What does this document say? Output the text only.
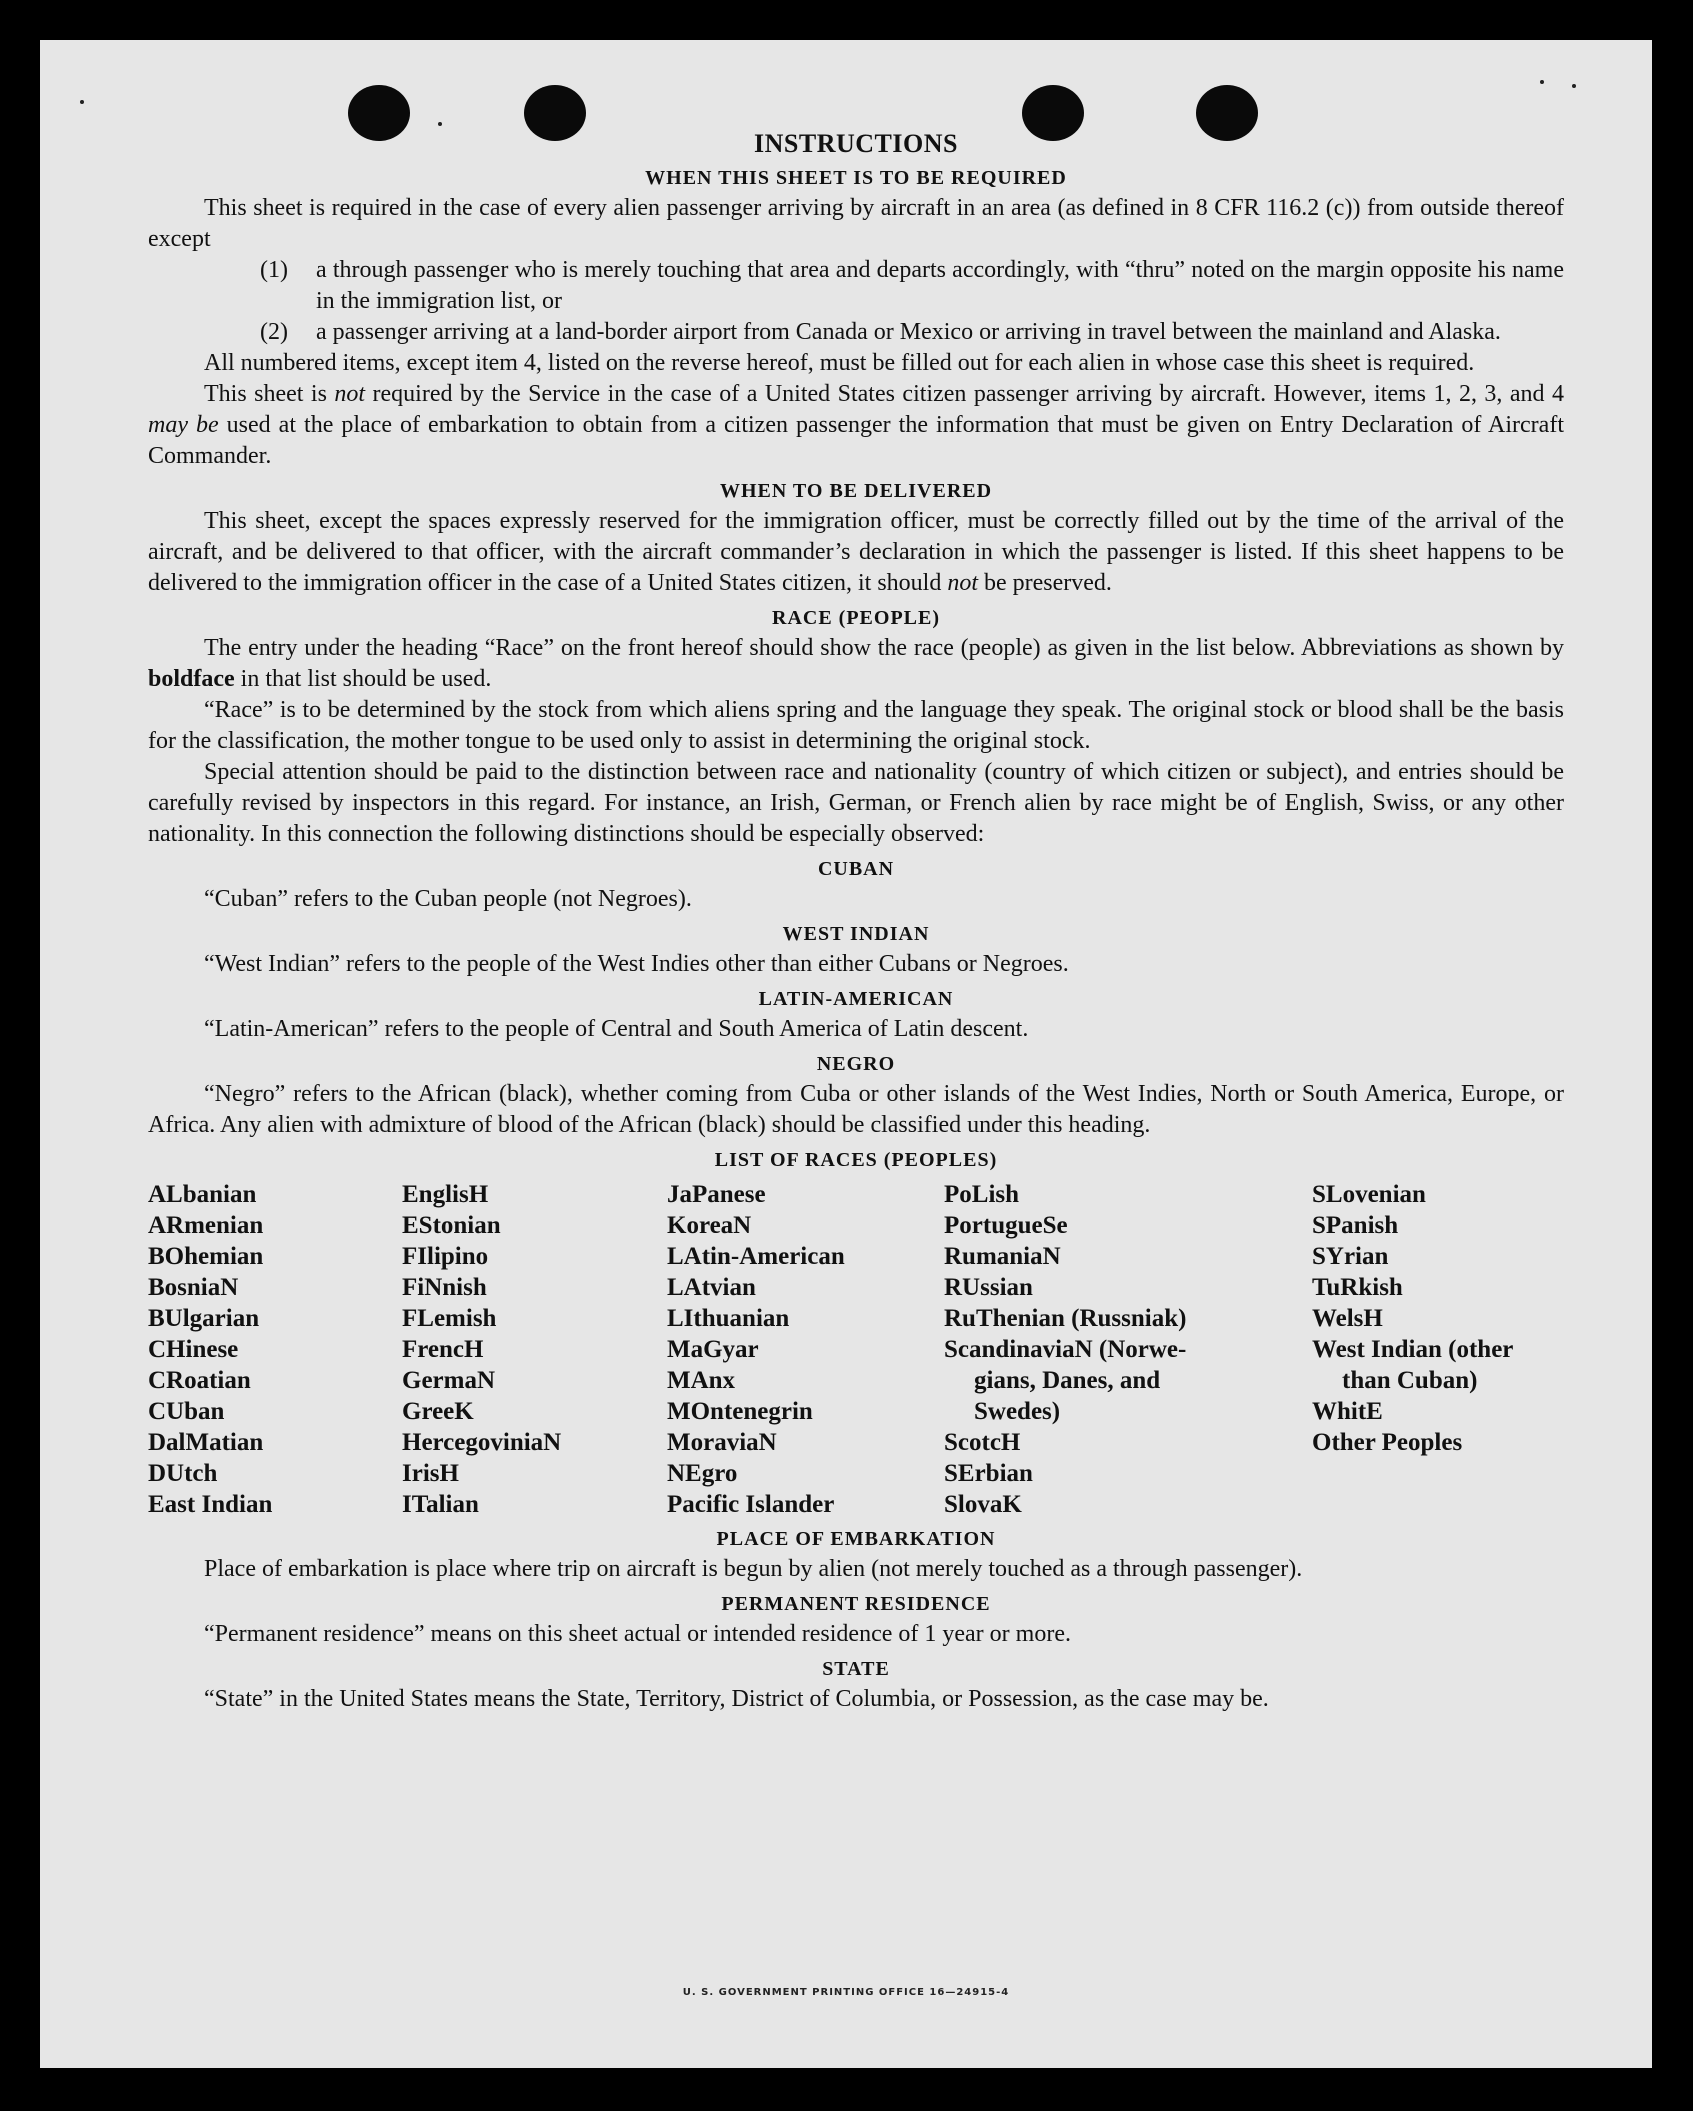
INSTRUCTIONS
WHEN THIS SHEET IS TO BE REQUIRED

This sheet is required in the case of every alien passenger arriving by aircraft in an area (as defined in 8 CFR 116.2 (c)) from outside thereof except

(1)	a through passenger who is merely touching that area and departs accordingly, with “thru” noted on the margin opposite his name in the immigration list, or
(2)	a passenger arriving at a land-border airport from Canada or Mexico or arriving in travel between the mainland and Alaska.

All numbered items, except item 4, listed on the reverse hereof, must be filled out for each alien in whose case this sheet is required.

This sheet is not required by the Service in the case of a United States citizen passenger arriving by aircraft. However, items 1, 2, 3, and 4 may be used at the place of embarkation to obtain from a citizen passenger the information that must be given on Entry Declaration of Aircraft Commander.

WHEN TO BE DELIVERED

This sheet, except the spaces expressly reserved for the immigration officer, must be correctly filled out by the time of the arrival of the aircraft, and be delivered to that officer, with the aircraft commander’s declaration in which the passenger is listed. If this sheet happens to be delivered to the immigration officer in the case of a United States citizen, it should not be preserved.

RACE (PEOPLE)

The entry under the heading “Race” on the front hereof should show the race (people) as given in the list below. Abbreviations as shown by boldface in that list should be used.

“Race” is to be determined by the stock from which aliens spring and the language they speak. The original stock or blood shall be the basis for the classification, the mother tongue to be used only to assist in determining the original stock.

Special attention should be paid to the distinction between race and nationality (country of which citizen or subject), and entries should be carefully revised by inspectors in this regard. For instance, an Irish, German, or French alien by race might be of English, Swiss, or any other nationality. In this connection the following distinctions should be especially observed:

CUBAN

“Cuban” refers to the Cuban people (not Negroes).

WEST INDIAN

“West Indian” refers to the people of the West Indies other than either Cubans or Negroes.

LATIN-AMERICAN

“Latin-American” refers to the people of Central and South America of Latin descent.

NEGRO

“Negro” refers to the African (black), whether coming from Cuba or other islands of the West Indies, North or South America, Europe, or Africa. Any alien with admixture of blood of the African (black) should be classified under this heading.

LIST OF RACES (PEOPLES)
ALbanian
ARmenian
BOhemian
BosniaN
BUlgarian
CHinese
CRoatian
CUban
DalMatian
DUtch
East Indian
EnglisH
EStonian
FIlipino
FiNnish
FLemish
FrencH
GermaN
GreeK
HercegoviniaN
IrisH
ITalian
JaPanese
KoreaN
LAtin-American
LAtvian
LIthuanian
MaGyar
MAnx
MOntenegrin
MoraviaN
NEgro
Pacific Islander
PoLish
PortugueSe
RumaniaN
RUssian
RuThenian (Russniak)
ScandinaviaN (Norwe-
gians, Danes, and
Swedes)
ScotcH
SErbian
SlovaK
SLovenian
SPanish
SYrian
TuRkish
WelsH
West Indian (other
than Cuban)
WhitE
Other Peoples
PLACE OF EMBARKATION

Place of embarkation is place where trip on aircraft is begun by alien (not merely touched as a through passenger).

PERMANENT RESIDENCE

“Permanent residence” means on this sheet actual or intended residence of 1 year or more.

STATE

“State” in the United States means the State, Territory, District of Columbia, or Possession, as the case may be.

U. S. GOVERNMENT PRINTING OFFICE 16—24915-4
